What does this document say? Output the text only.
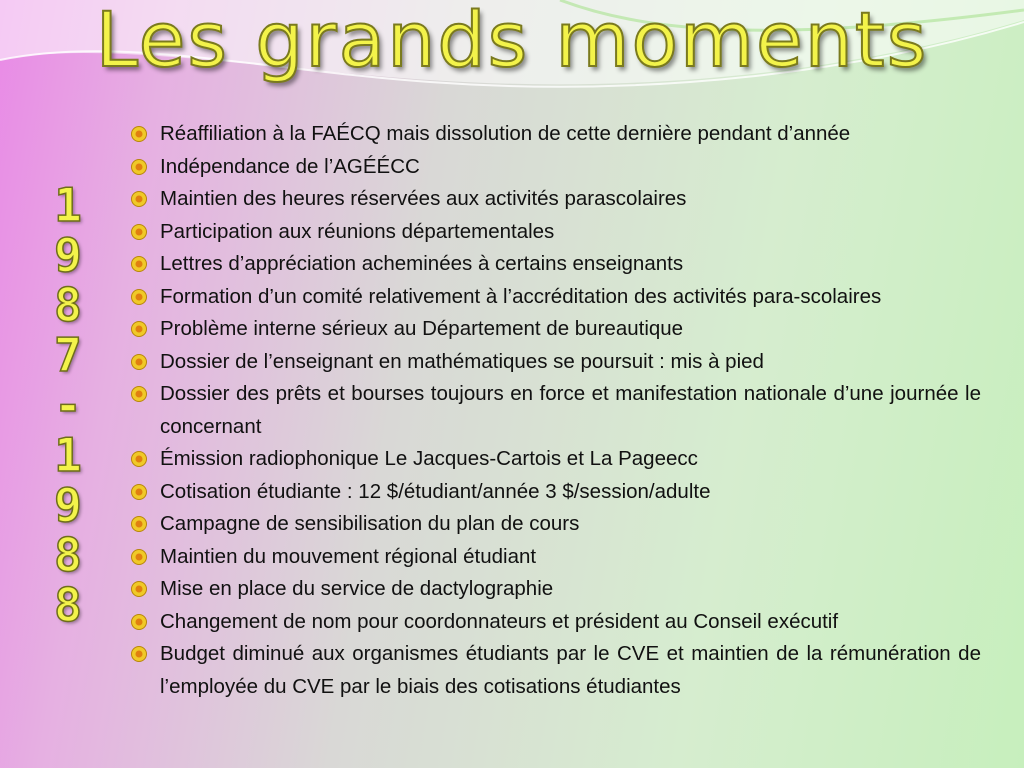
Les grands moments
1
9
8
7
-
1
9
8
8
Réaffiliation à la FAÉCQ mais dissolution de cette dernière pendant d’année
Indépendance de l’AGÉÉCC
Maintien des heures réservées aux activités parascolaires
Participation aux réunions départementales
Lettres d’appréciation acheminées à certains enseignants
Formation d’un comité relativement à l’accréditation des activités para-scolaires
Problème interne sérieux au Département de bureautique
Dossier de l’enseignant en mathématiques se poursuit : mis à pied
Dossier des prêts et bourses toujours en force et manifestation nationale d’une journée le concernant
Émission radiophonique Le Jacques-Cartois et La Pageecc
Cotisation étudiante : 12 $/étudiant/année 3 $/session/adulte
Campagne de sensibilisation du plan de cours
Maintien du mouvement régional étudiant
Mise en place du service de dactylographie
Changement de nom pour coordonnateurs et président au Conseil exécutif
Budget diminué aux organismes étudiants par le CVE et maintien de la rémunération de l’employée du CVE par le biais des cotisations étudiantes
